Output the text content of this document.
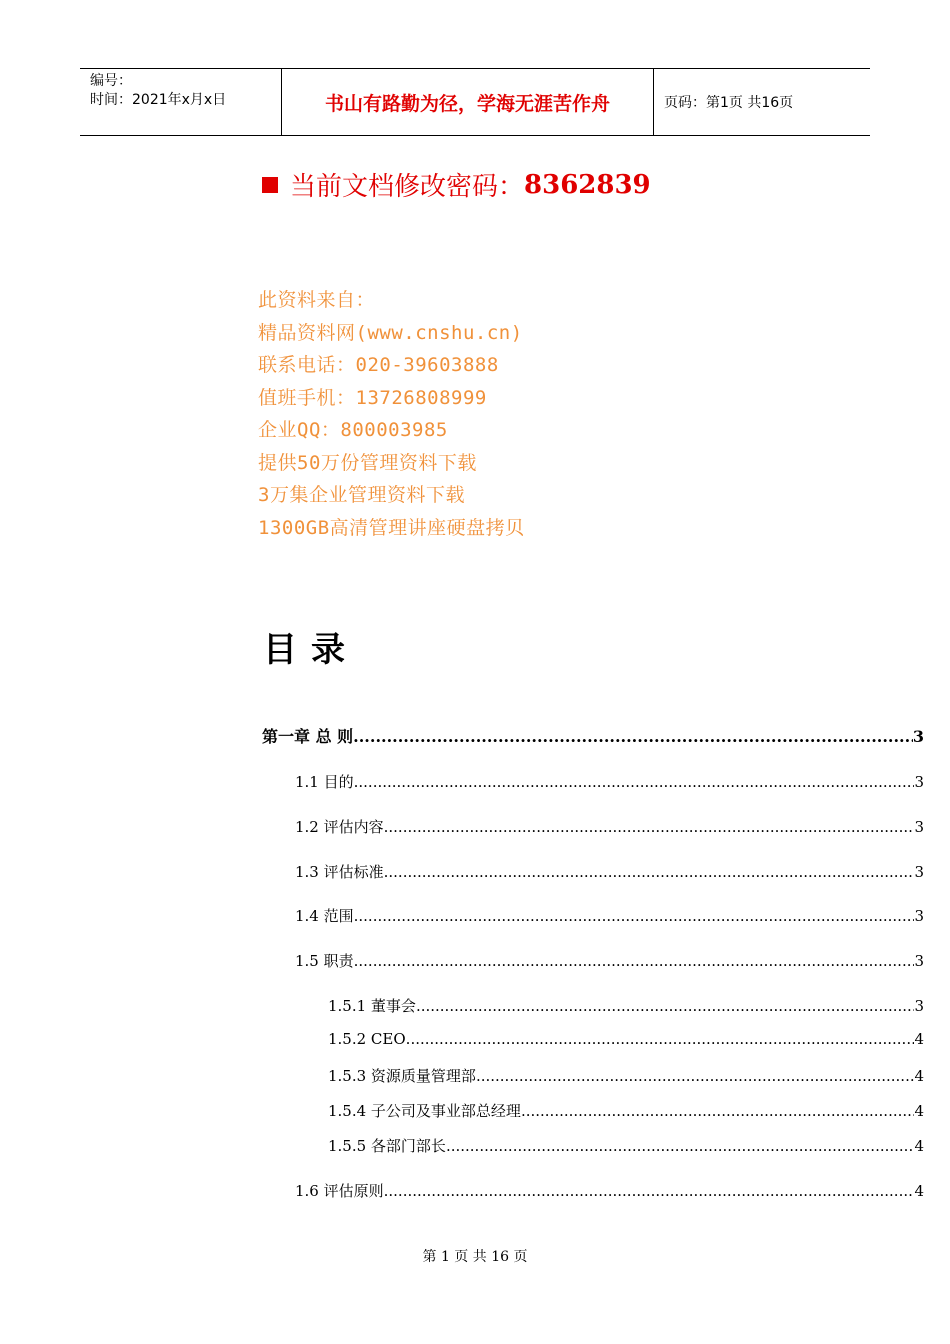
编号：
时间：2021年x月x日	书山有路勤为径，学海无涯苦作舟	页码：第1页 共16页
当前文档修改密码： 8362839
此资料来自：
精品资料网(www.cnshu.cn)
联系电话：020-39603888
值班手机：13726808999
企业QQ：800003985
提供50万份管理资料下载
3万集企业管理资料下载
1300GB高清管理讲座硬盘拷贝
目录
第一章 总 则 .....	3
1.1 目的 .....	3
1.2 评估内容 .....	3
1.3 评估标准 .....	3
1.4 范围 .....	3
1.5 职责 .....	3
1.5.1 董事会 .....	3
1.5.2 CEO .....	4
1.5.3 资源质量管理部 .....	4
1.5.4 子公司及事业部总经理 .....	4
1.5.5 各部门部长 .....	4
1.6 评估原则 .....	4
第 1 页 共 16 页
